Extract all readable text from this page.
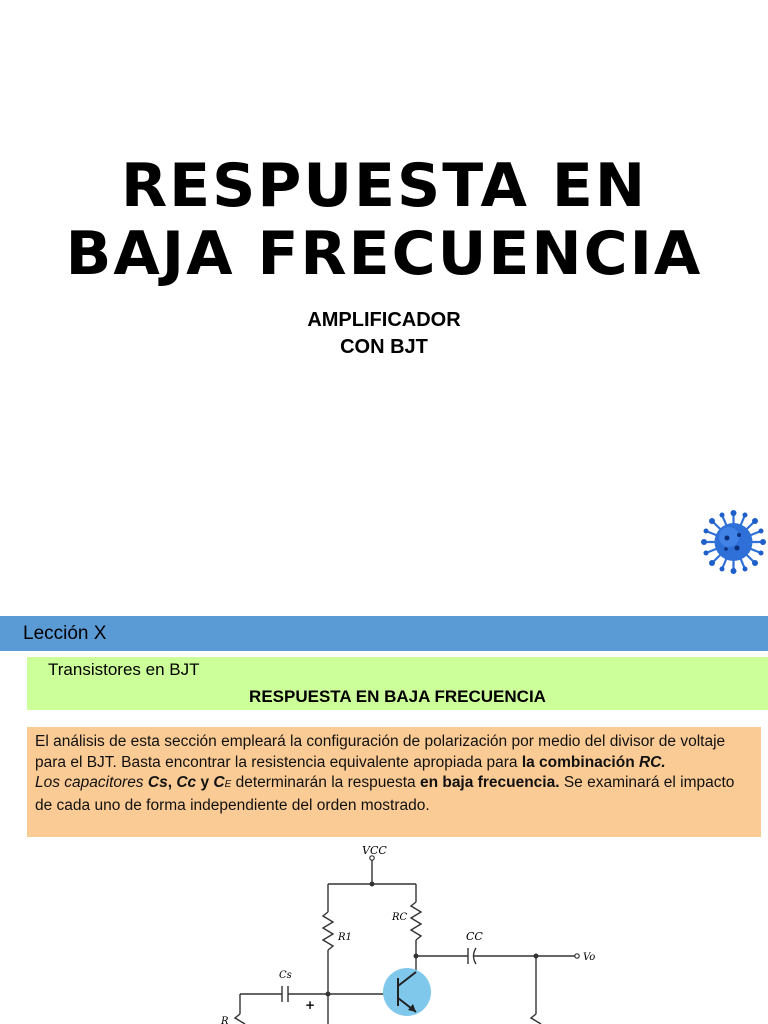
RESPUESTA EN
BAJA FRECUENCIA
AMPLIFICADOR
CON BJT
Lección X
Transistores en BJT
RESPUESTA EN BAJA FRECUENCIA

El análisis de esta sección empleará la configuración de polarización por medio del divisor de voltaje para el BJT. Basta encontrar la resistencia equivalente apropiada para la combinación RC.

Los capacitores Cs, Cc y CE determinarán la respuesta en baja frecuencia. Se examinará el impacto de cada uno de forma independiente del orden mostrado.

VCC
R1
RC
CC
Vo
Cs
+
R
